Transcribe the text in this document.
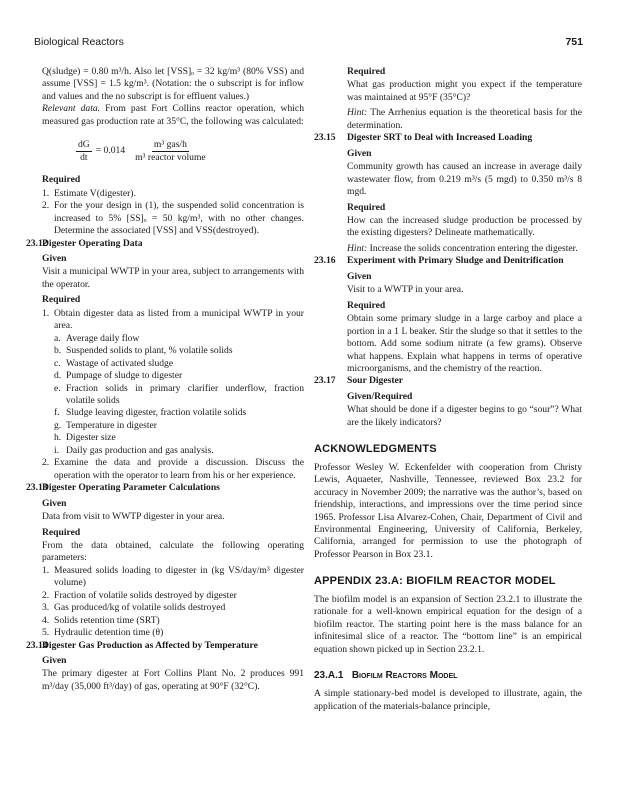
Biological Reactors	751

Q(sludge) = 0.80 m³/h. Also let [VSS]ₒ = 32 kg/m³ (80% VSS) and assume [VSS] = 1.5 kg/m³. (Notation: the o subscript is for inflow and values and the no subscript is for effluent values.)

Relevant data. From past Fort Collins reactor operation, which measured gas production rate at 35°C, the following was calculated:

$\frac{dG}{dt} = 0.014$
m³ gas/h
m³ reactor volume

Required

1. Estimate V(digester).
2. For the your design in (1), the suspended solid concentration is increased to 5% [SS]ₒ = 50 kg/m³, with no other changes. Determine the associated [VSS] and VSS(destroyed).
23.12

Digester Operating Data

Given

Visit a municipal WWTP in your area, subject to arrangements with the operator.

Required

1. Obtain digester data as listed from a municipal WWTP in your area.
a. Average daily flow
b. Suspended solids to plant, % volatile solids
c. Wastage of activated sludge
d. Pumpage of sludge to digester
e. Fraction solids in primary clarifier underflow, fraction volatile solids
f. Sludge leaving digester, fraction volatile solids
g. Temperature in digester
h. Digester size
i. Daily gas production and gas analysis.
2. Examine the data and provide a discussion. Discuss the operation with the operator to learn from his or her experience.
23.13

Digester Operating Parameter Calculations

Given

Data from visit to WWTP digester in your area.

Required

From the data obtained, calculate the following operating parameters:

1. Measured solids loading to digester in (kg VS/day/m³ digester volume)
2. Fraction of volatile solids destroyed by digester
3. Gas produced/kg of volatile solids destroyed
4. Solids retention time (SRT)
5. Hydraulic detention time (θ)
23.14

Digester Gas Production as Affected by Temperature

Given

The primary digester at Fort Collins Plant No. 2 produces 991 m³/day (35,000 ft³/day) of gas, operating at 90°F (32°C).

Required

What gas production might you expect if the temperature was maintained at 95°F (35°C)?

Hint: The Arrhenius equation is the theoretical basis for the determination.

23.15 Digester SRT to Deal with Increased Loading

Given

Community growth has caused an increase in average daily wastewater flow, from 0.219 m³/s (5 mgd) to 0.350 m³/s 8 mgd.

Required

How can the increased sludge production be processed by the existing digesters? Delineate mathematically.

Hint: Increase the solids concentration entering the digester.

23.16 Experiment with Primary Sludge and Denitrification

Given

Visit to a WWTP in your area.

Required

Obtain some primary sludge in a large carboy and place a portion in a 1 L beaker. Stir the sludge so that it settles to the bottom. Add some sodium nitrate (a few grams). Observe what happens. Explain what happens in terms of operative microorganisms, and the chemistry of the reaction.

23.17 Sour Digester

Given/Required

What should be done if a digester begins to go “sour”? What are the likely indicators?

ACKNOWLEDGMENTS

Professor Wesley W. Eckenfelder with cooperation from Christy Lewis, Aquaeter, Nashville, Tennessee, reviewed Box 23.2 for accuracy in November 2009; the narrative was the author’s, based on friendship, interactions, and impressions over the time period since 1965. Professor Lisa Alvarez-Cohen, Chair, Department of Civil and Environmental Engineering, University of California, Berkeley, California, arranged for permission to use the photograph of Professor Pearson in Box 23.1.

APPENDIX 23.A: BIOFILM REACTOR MODEL

The biofilm model is an expansion of Section 23.2.1 to illustrate the rationale for a well-known empirical equation for the design of a biofilm reactor. The starting point here is the mass balance for an infinitesimal slice of a reactor. The “bottom line” is an empirical equation shown picked up in Section 23.2.1.

23.A.1 Biofilm Reactors Model

A simple stationary-bed model is developed to illustrate, again, the application of the materials-balance principle,
